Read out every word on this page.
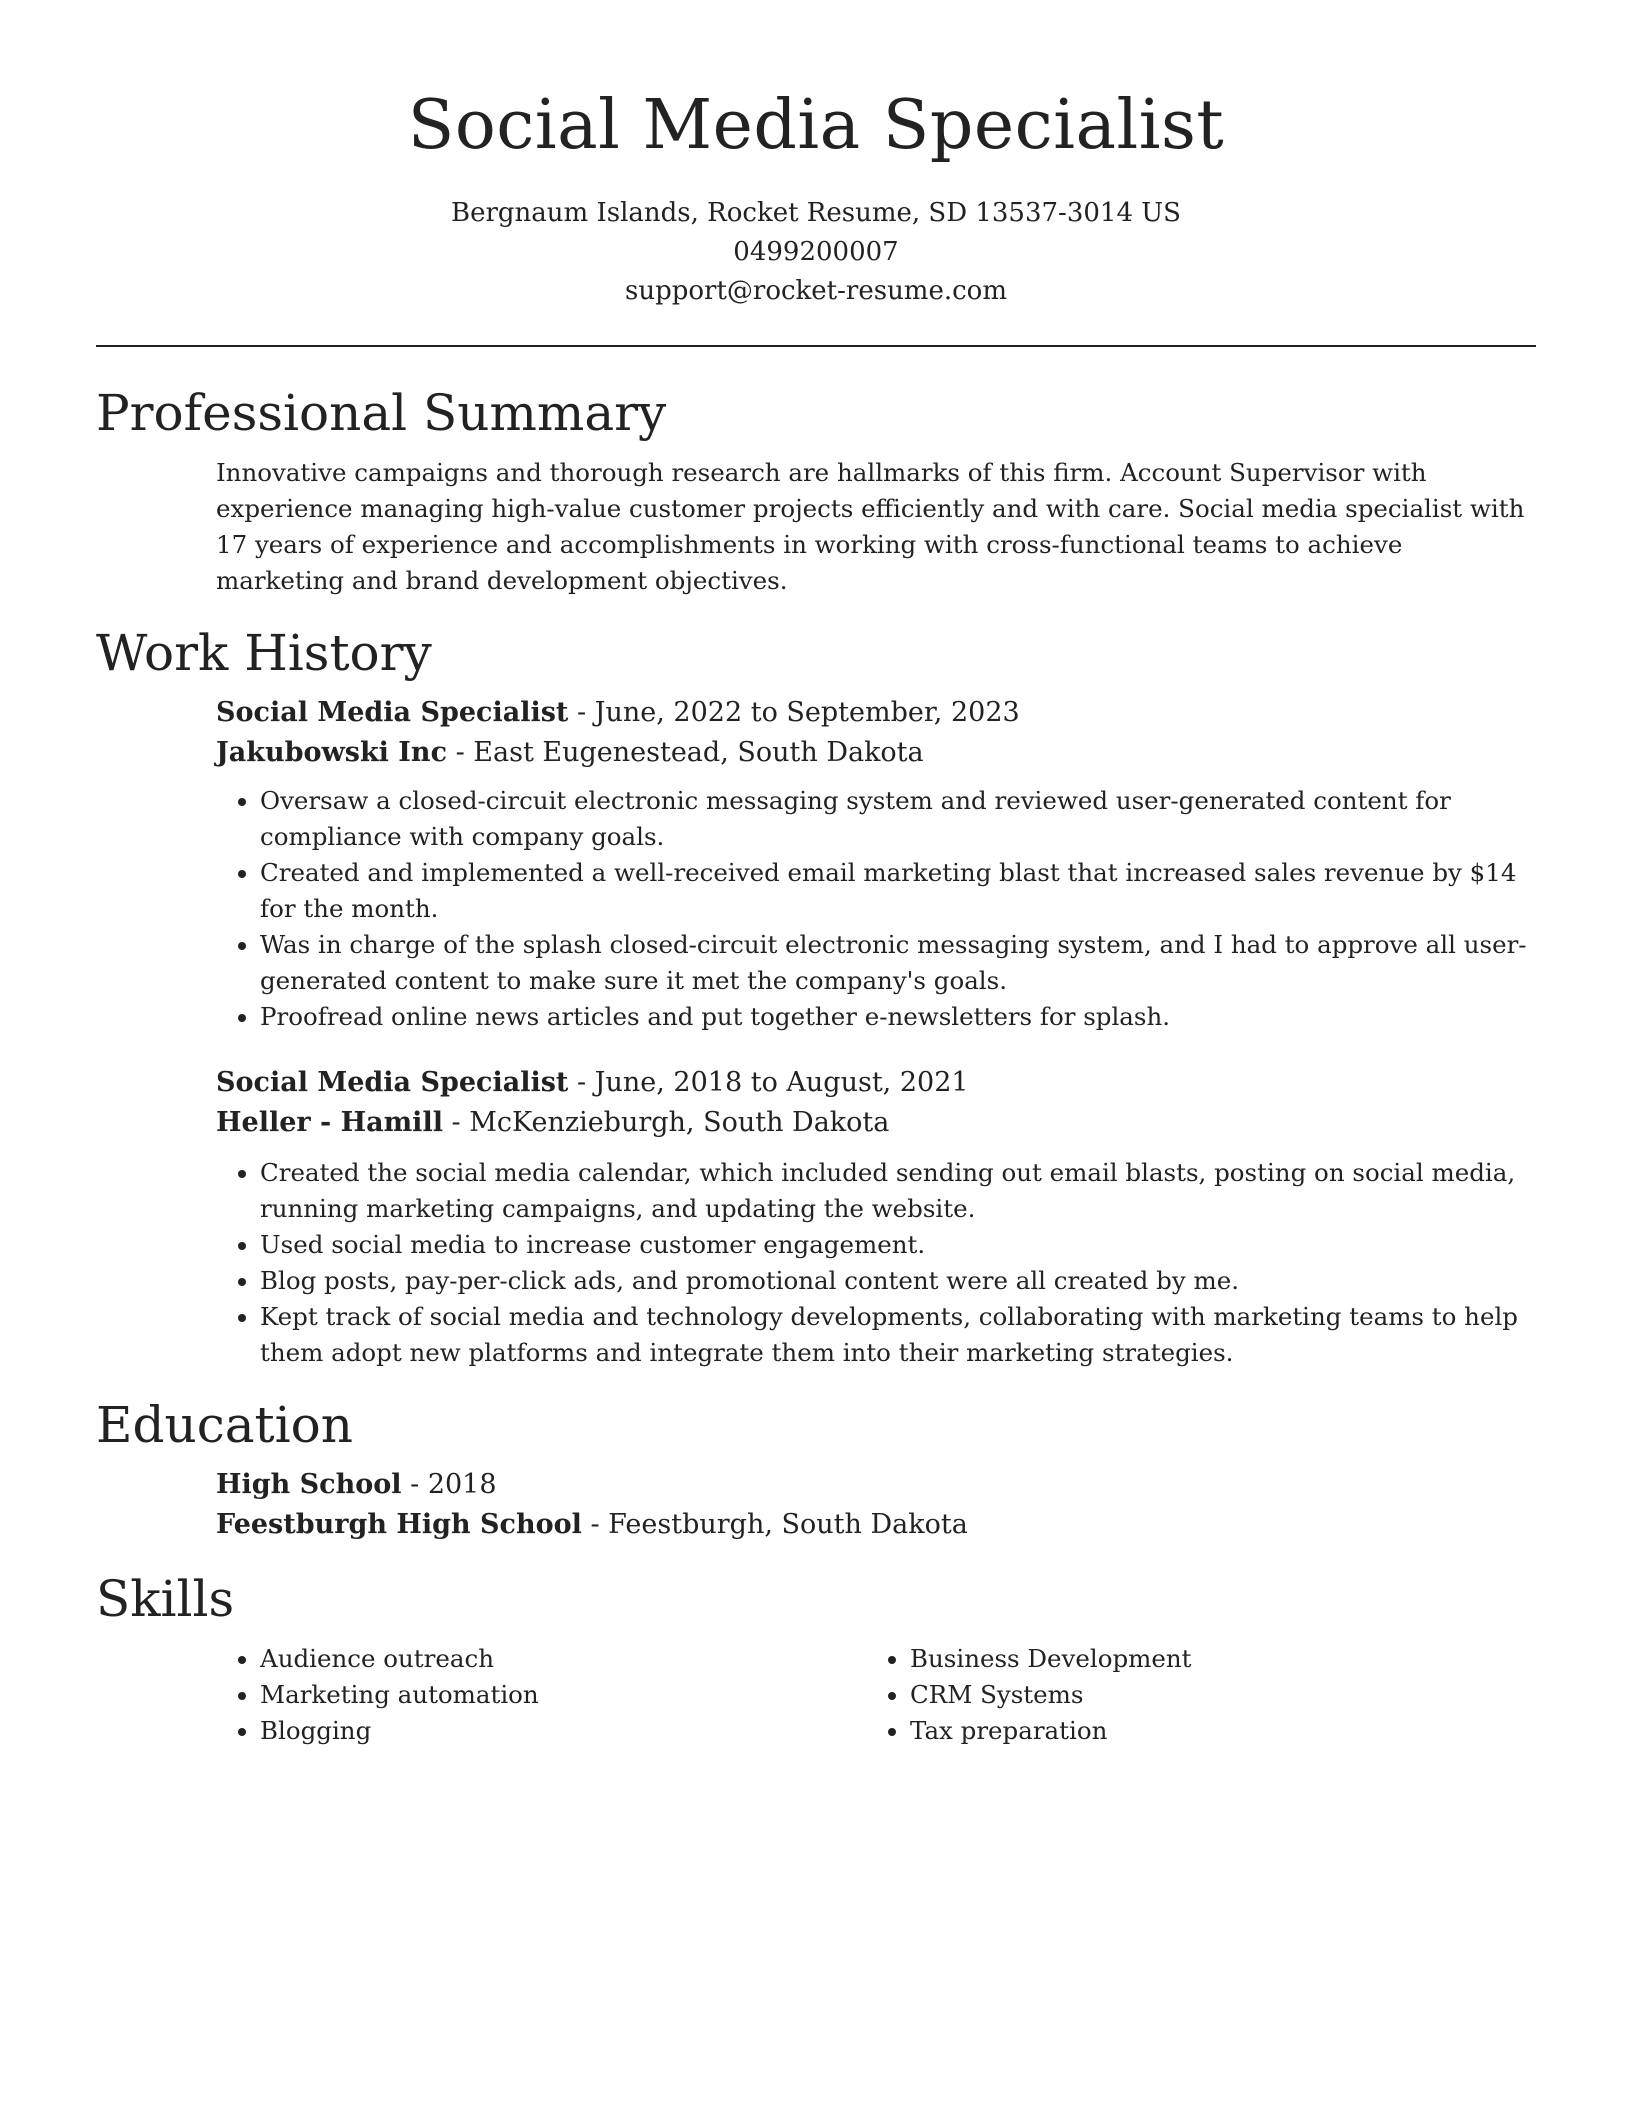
Social Media Specialist
Bergnaum Islands, Rocket Resume, SD 13537-3014 US
0499200007
support@rocket-resume.com
Professional Summary
Innovative campaigns and thorough research are hallmarks of this firm. Account Supervisor with experience managing high-value customer projects efficiently and with care. Social media specialist with 17 years of experience and accomplishments in working with cross-functional teams to achieve marketing and brand development objectives.
Work History
Social Media Specialist - June, 2022 to September, 2023
Jakubowski Inc - East Eugenestead, South Dakota
• Oversaw a closed-circuit electronic messaging system and reviewed user-generated content for compliance with company goals.
• Created and implemented a well-received email marketing blast that increased sales revenue by $14 for the month.
• Was in charge of the splash closed-circuit electronic messaging system, and I had to approve all user-generated content to make sure it met the company's goals.
• Proofread online news articles and put together e-newsletters for splash.
Social Media Specialist - June, 2018 to August, 2021
Heller - Hamill - McKenzieburgh, South Dakota
• Created the social media calendar, which included sending out email blasts, posting on social media, running marketing campaigns, and updating the website.
• Used social media to increase customer engagement.
• Blog posts, pay-per-click ads, and promotional content were all created by me.
• Kept track of social media and technology developments, collaborating with marketing teams to help them adopt new platforms and integrate them into their marketing strategies.
Education
High School - 2018
Feestburgh High School - Feestburgh, South Dakota
Skills
• Audience outreach
• Marketing automation
• Blogging
• Business Development
• CRM Systems
• Tax preparation
